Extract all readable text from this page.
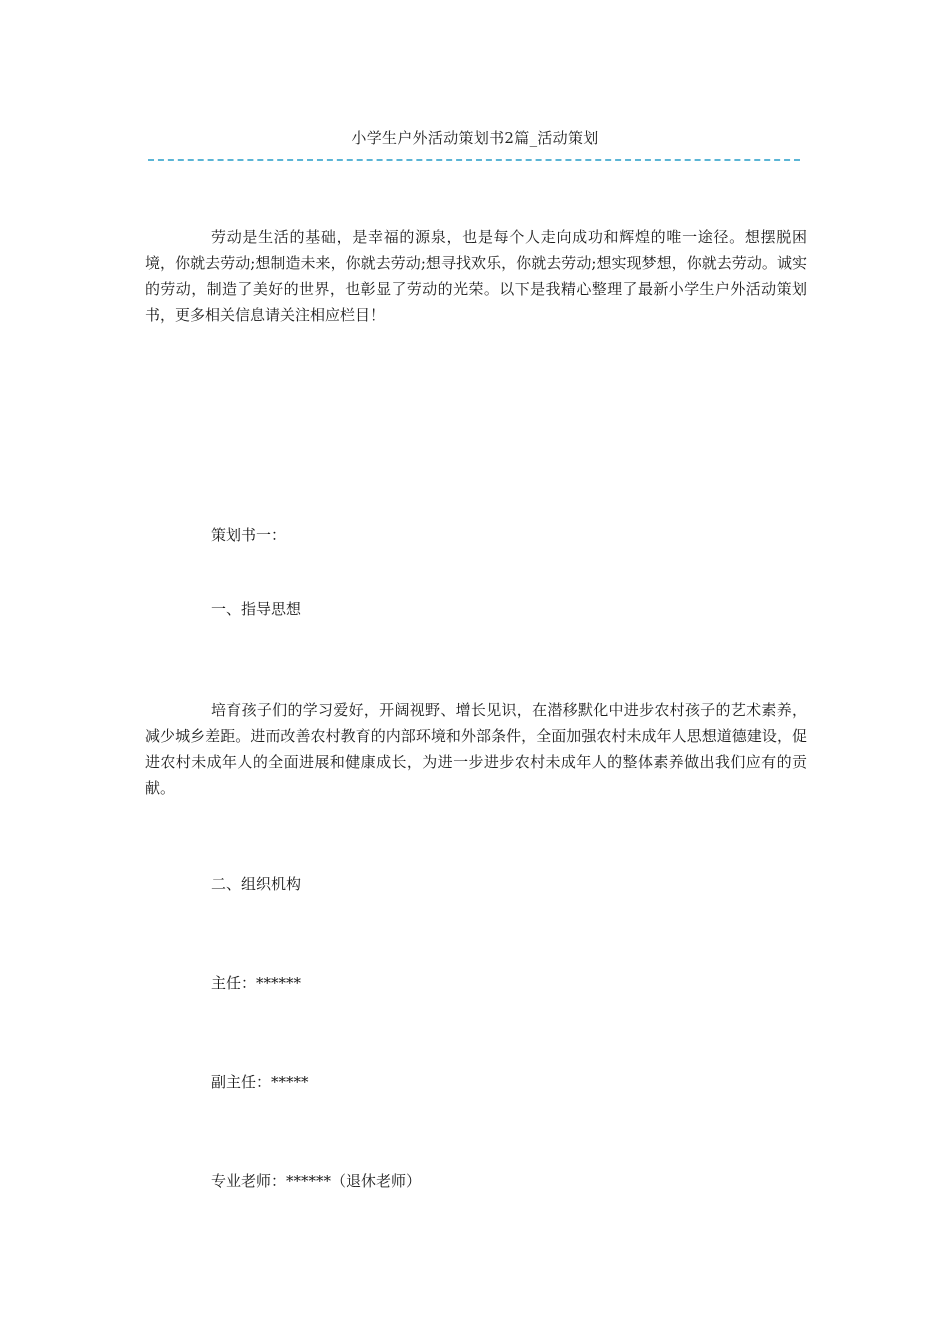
小学生户外活动策划书2篇_活动策划

劳动是生活的基础，是幸福的源泉，也是每个人走向成功和辉煌的唯一途径。想摆脱困境，你就去劳动;想制造未来，你就去劳动;想寻找欢乐，你就去劳动;想实现梦想，你就去劳动。诚实的劳动，制造了美好的世界，也彰显了劳动的光荣。以下是我精心整理了最新小学生户外活动策划书，更多相关信息请关注相应栏目！

策划书一：

一、指导思想

培育孩子们的学习爱好，开阔视野、增长见识，在潜移默化中进步农村孩子的艺术素养，减少城乡差距。进而改善农村教育的内部环境和外部条件，全面加强农村未成年人思想道德建设，促进农村未成年人的全面进展和健康成长，为进一步进步农村未成年人的整体素养做出我们应有的贡献。

二、组织机构

主任：******

副主任：*****

专业老师：******（退休老师）
